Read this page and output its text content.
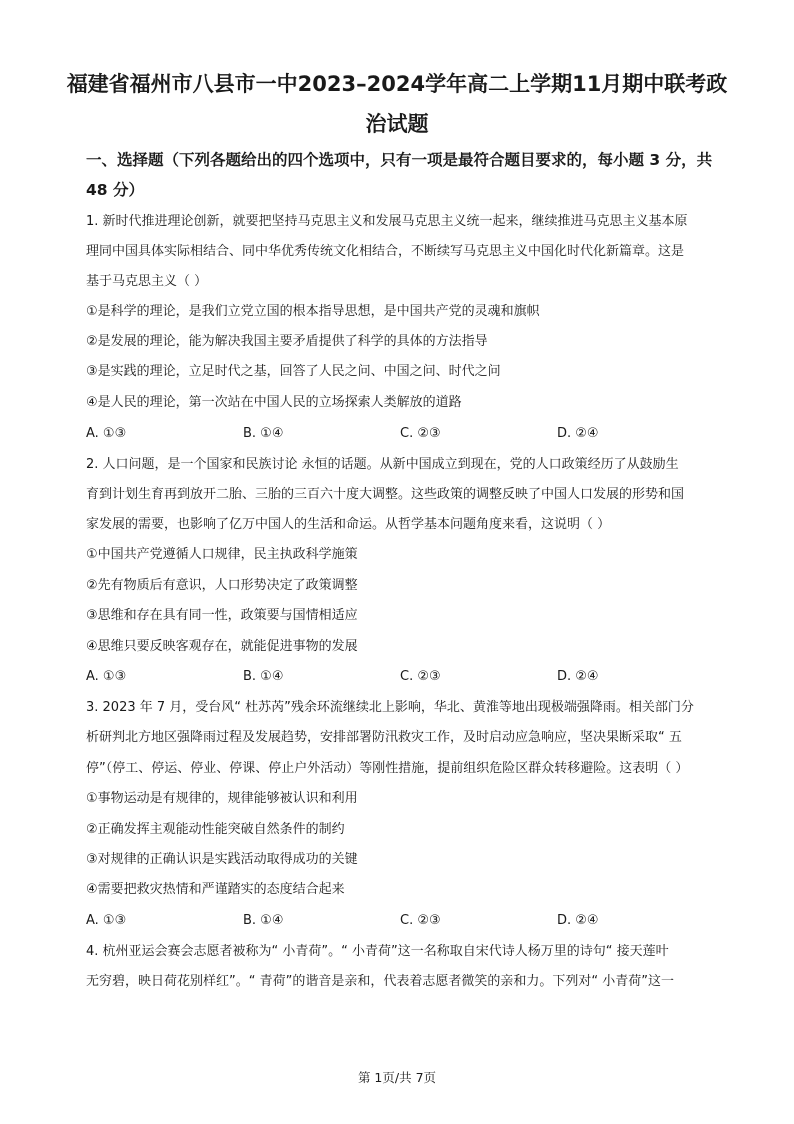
福建省福州市八县市一中2023–2024学年高二上学期11月期中联考政
治试题
一、选择题（下列各题给出的四个选项中，只有一项是最符合题目要求的，每小题 3 分，共
48 分）
1. 新时代推进理论创新，就要把坚持马克思主义和发展马克思主义统一起来，继续推进马克思主义基本原
理同中国具体实际相结合、同中华优秀传统文化相结合，不断续写马克思主义中国化时代化新篇章。这是
基于马克思主义（ ）
①是科学的理论，是我们立党立国的根本指导思想，是中国共产党的灵魂和旗帜
②是发展的理论，能为解决我国主要矛盾提供了科学的具体的方法指导
③是实践的理论，立足时代之基，回答了人民之问、中国之问、时代之问
④是人民的理论，第一次站在中国人民的立场探索人类解放的道路
A. ①③	B. ①④	C. ②③	D. ②④
2. 人口问题，是一个国家和民族讨论 永恒的话题。从新中国成立到现在，党的人口政策经历了从鼓励生
育到计划生育再到放开二胎、三胎的三百六十度大调整。这些政策的调整反映了中国人口发展的形势和国
家发展的需要，也影响了亿万中国人的生活和命运。从哲学基本问题角度来看，这说明（ ）
①中国共产党遵循人口规律，民主执政科学施策
②先有物质后有意识，人口形势决定了政策调整
③思维和存在具有同一性，政策要与国情相适应
④思维只要反映客观存在，就能促进事物的发展
A. ①③	B. ①④	C. ②③	D. ②④
3. 2023 年 7 月，受台风“ 杜苏芮”残余环流继续北上影响，华北、黄淮等地出现极端强降雨。相关部门分
析研判北方地区强降雨过程及发展趋势，安排部署防汛救灾工作，及时启动应急响应，坚决果断采取“ 五
停”（停工、停运、停业、停课、停止户外活动）等刚性措施，提前组织危险区群众转移避险。这表明（ ）
①事物运动是有规律的，规律能够被认识和利用
②正确发挥主观能动性能突破自然条件的制约
③对规律的正确认识是实践活动取得成功的关键
④需要把救灾热情和严谨踏实的态度结合起来
A. ①③	B. ①④	C. ②③	D. ②④
4. 杭州亚运会赛会志愿者被称为“ 小青荷”。“ 小青荷”这一名称取自宋代诗人杨万里的诗句“ 接天莲叶
无穷碧，映日荷花别样红”。“ 青荷”的谐音是亲和，代表着志愿者微笑的亲和力。下列对“ 小青荷”这一
第 1页/共 7页
